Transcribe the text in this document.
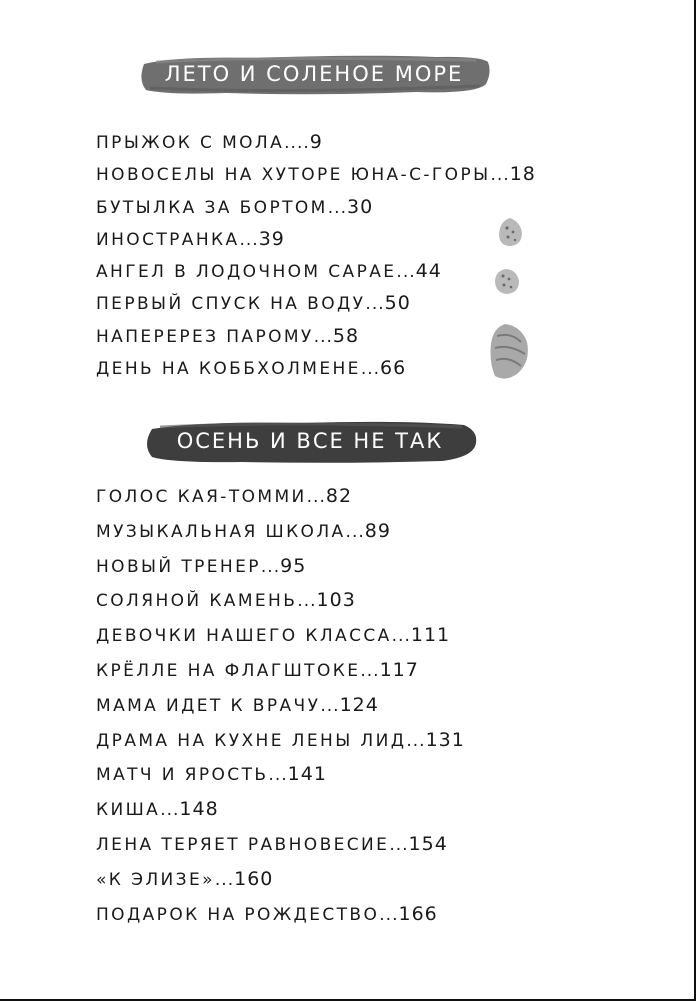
ЛЕТО И СОЛЕНОЕ МОРЕ
ПРЫЖОК С МОЛА....9
НОВОСЕЛЫ НА ХУТОРЕ ЮНА-С-ГОРЫ...18
БУТЫЛКА ЗА БОРТОМ...30
ИНОСТРАНКА...39
АНГЕЛ В ЛОДОЧНОМ САРАЕ...44
ПЕРВЫЙ СПУСК НА ВОДУ...50
НАПЕРЕРЕЗ ПАРОМУ...58
ДЕНЬ НА КОББХОЛМЕНЕ...66
ОСЕНЬ И ВСЕ НЕ ТАК
ГОЛОС КАЯ-ТОММИ...82
МУЗЫКАЛЬНАЯ ШКОЛА...89
НОВЫЙ ТРЕНЕР...95
СОЛЯНОЙ КАМЕНЬ...103
ДЕВОЧКИ НАШЕГО КЛАССА...111
КРЁЛЛЕ НА ФЛАГШТОКЕ...117
МАМА ИДЕТ К ВРАЧУ...124
ДРАМА НА КУХНЕ ЛЕНЫ ЛИД...131
МАТЧ И ЯРОСТЬ...141
КИША...148
ЛЕНА ТЕРЯЕТ РАВНОВЕСИЕ...154
«К ЭЛИЗЕ»...160
ПОДАРОК НА РОЖДЕСТВО...166
